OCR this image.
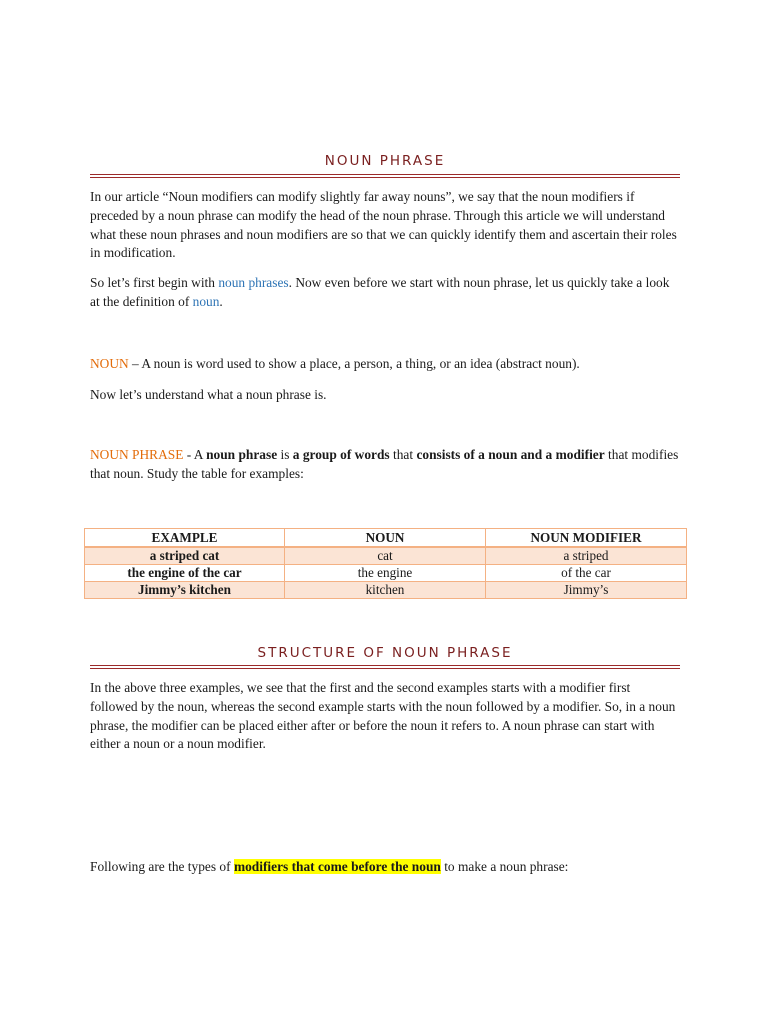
NOUN PHRASE

In our article “Noun modifiers can modify slightly far away nouns”, we say that the noun modifiers if preceded by a noun phrase can modify the head of the noun phrase. Through this article we will understand what these noun phrases and noun modifiers are so that we can quickly identify them and ascertain their roles in modification.

So let’s first begin with noun phrases. Now even before we start with noun phrase, let us quickly take a look at the definition of noun.

NOUN – A noun is word used to show a place, a person, a thing, or an idea (abstract noun).

Now let’s understand what a noun phrase is.

NOUN PHRASE - A noun phrase is a group of words that consists of a noun and a modifier that modifies that noun. Study the table for examples:

EXAMPLE	NOUN	NOUN MODIFIER
a striped cat	cat	a striped
the engine of the car	the engine	of the car
Jimmy’s kitchen	kitchen	Jimmy’s
STRUCTURE OF NOUN PHRASE

In the above three examples, we see that the first and the second examples starts with a modifier first followed by the noun, whereas the second example starts with the noun followed by a modifier. So, in a noun phrase, the modifier can be placed either after or before the noun it refers to. A noun phrase can start with either a noun or a noun modifier.

Following are the types of modifiers that come before the noun to make a noun phrase:
